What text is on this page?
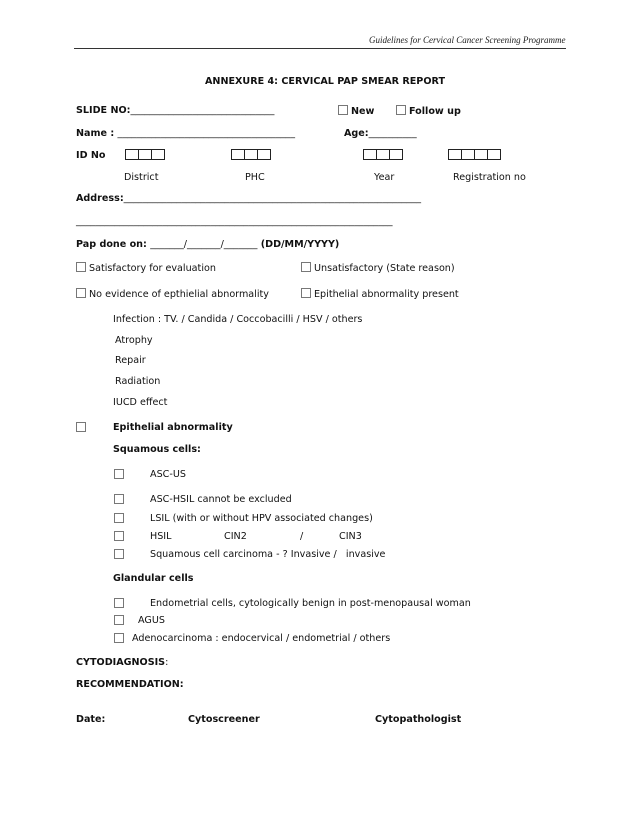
Guidelines for Cervical Cancer Screening Programme
ANNEXURE 4: CERVICAL PAP SMEAR REPORT
SLIDE NO:______________________________	New	Follow up
Name : _____________________________________	Age:__________
ID No
District	PHC	Year	Registration no
Address:______________________________________________________________
__________________________________________________________________
Pap done on: _______/_______/_______ (DD/MM/YYYY)
Satisfactory for evaluation	Unsatisfactory (State reason)
No evidence of epthielial abnormality	Epithelial abnormality present
Infection : TV. / Candida / Coccobacilli / HSV / others
Atrophy
Repair
Radiation
IUCD effect
Epithelial abnormality
Squamous cells:
ASC-US
ASC-HSIL cannot be excluded
LSIL (with or without HPV associated changes)
HSIL	CIN2	/	CIN3
Squamous cell carcinoma - ? Invasive / invasive
Glandular cells
Endometrial cells, cytologically benign in post-menopausal woman
AGUS
Adenocarcinoma : endocervical / endometrial / others
CYTODIAGNOSIS:
RECOMMENDATION:
Date:	Cytoscreener	Cytopathologist
